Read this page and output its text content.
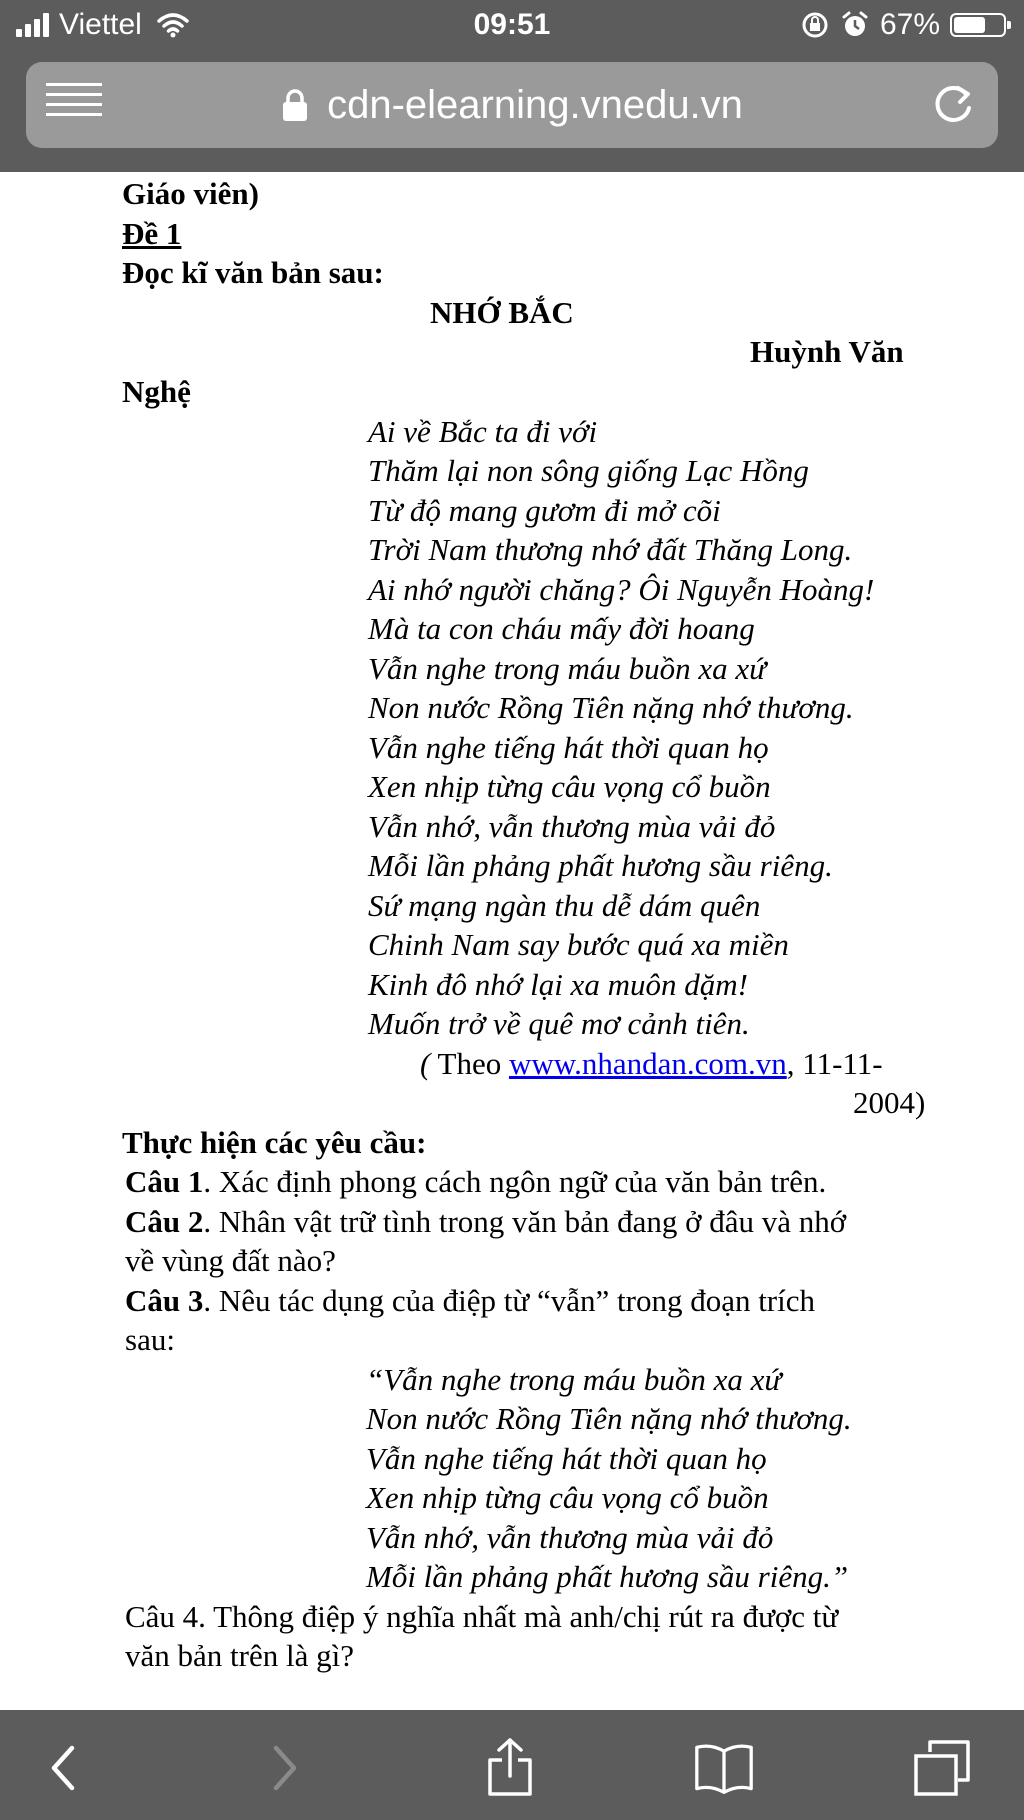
Viettel	09:51	67%
cdn-elearning.vnedu.vn
Giáo viên)
Đề 1
Đọc kĩ văn bản sau:
NHỚ BẮC
Huỳnh Văn
Nghệ
Ai về Bắc ta đi với
Thăm lại non sông giống Lạc Hồng
Từ độ mang gươm đi mở cõi
Trời Nam thương nhớ đất Thăng Long.
Ai nhớ người chăng? Ôi Nguyễn Hoàng!
Mà ta con cháu mấy đời hoang
Vẫn nghe trong máu buồn xa xứ
Non nước Rồng Tiên nặng nhớ thương.
Vẫn nghe tiếng hát thời quan họ
Xen nhịp từng câu vọng cổ buồn
Vẫn nhớ, vẫn thương mùa vải đỏ
Mỗi lần phảng phất hương sầu riêng.
Sứ mạng ngàn thu dễ dám quên
Chinh Nam say bước quá xa miền
Kinh đô nhớ lại xa muôn dặm!
Muốn trở về quê mơ cảnh tiên.
( Theo www.nhandan.com.vn, 11-11-
2004)
Thực hiện các yêu cầu:
Câu 1. Xác định phong cách ngôn ngữ của văn bản trên.
Câu 2. Nhân vật trữ tình trong văn bản đang ở đâu và nhớ
về vùng đất nào?
Câu 3. Nêu tác dụng của điệp từ “vẫn” trong đoạn trích
sau:
“Vẫn nghe trong máu buồn xa xứ
Non nước Rồng Tiên nặng nhớ thương.
Vẫn nghe tiếng hát thời quan họ
Xen nhịp từng câu vọng cổ buồn
Vẫn nhớ, vẫn thương mùa vải đỏ
Mỗi lần phảng phất hương sầu riêng.”
Câu 4. Thông điệp ý nghĩa nhất mà anh/chị rút ra được từ
văn bản trên là gì?
